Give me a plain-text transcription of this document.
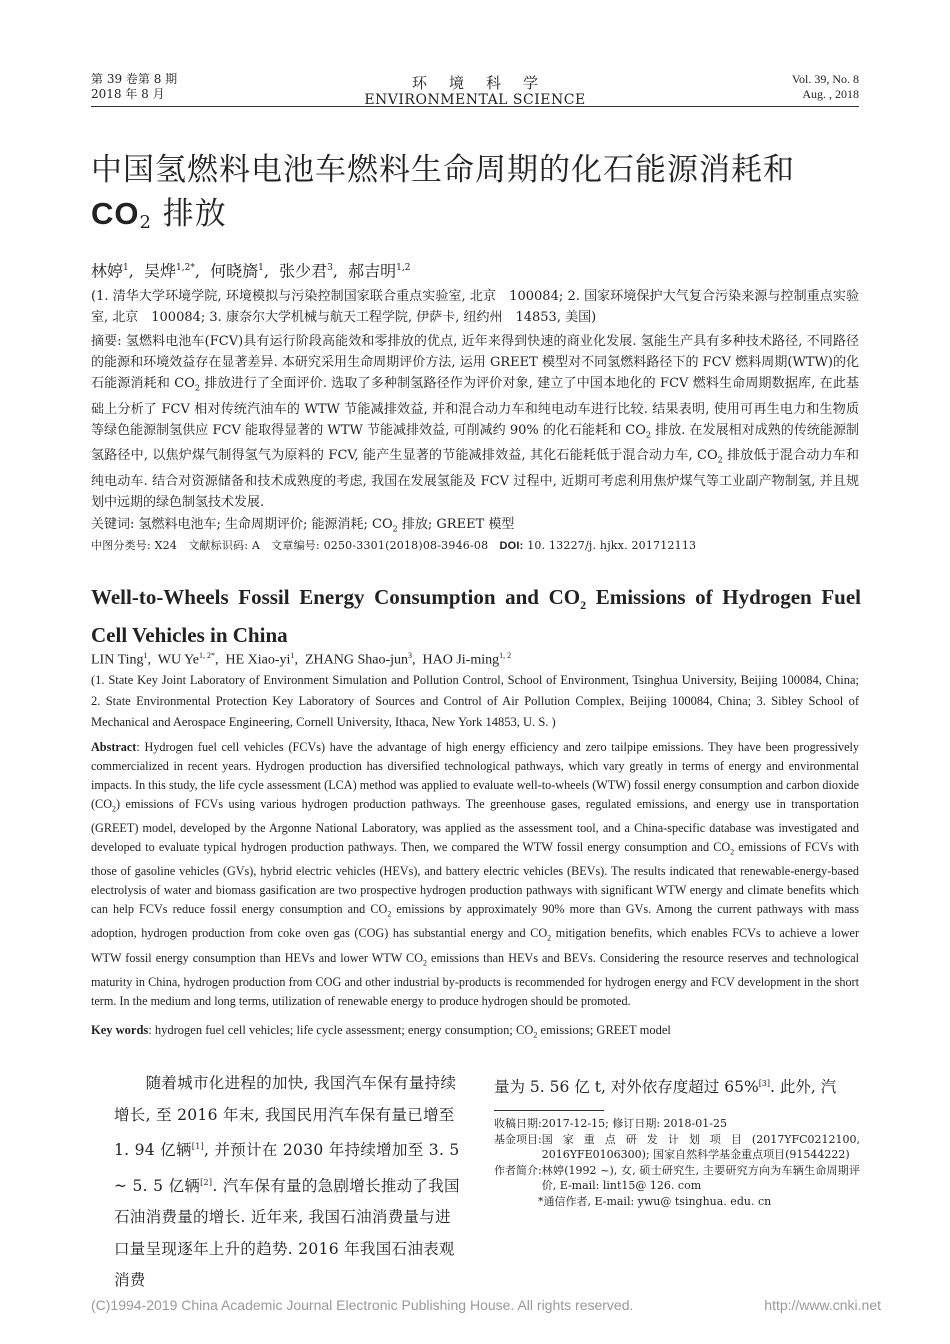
第 39 卷第 8 期
2018 年 8 月
环境科学
ENVIRONMENTAL SCIENCE
Vol. 39, No. 8
Aug. , 2018
中国氢燃料电池车燃料生命周期的化石能源消耗和
$CO_2$ 排放
林婷$^1$,  吴烨$^{1,2*}$,  何晓旖$^1$,  张少君$^3$,  郝吉明$^{1,2}$
(1. 清华大学环境学院, 环境模拟与污染控制国家联合重点实验室, 北京　100084; 2. 国家环境保护大气复合污染来源与控制重点实验室, 北京　100084; 3. 康奈尔大学机械与航天工程学院, 伊萨卡, 纽约州　14853, 美国)
摘要: 氢燃料电池车(FCV)具有运行阶段高能效和零排放的优点, 近年来得到快速的商业化发展. 氢能生产具有多种技术路径, 不同路径的能源和环境效益存在显著差异. 本研究采用生命周期评价方法, 运用 GREET 模型对不同氢燃料路径下的 FCV 燃料周期(WTW)的化石能源消耗和 $CO_2$ 排放进行了全面评价. 选取了多种制氢路径作为评价对象, 建立了中国本地化的 FCV 燃料生命周期数据库, 在此基础上分析了 FCV 相对传统汽油车的 WTW 节能减排效益, 并和混合动力车和纯电动车进行比较. 结果表明, 使用可再生电力和生物质等绿色能源制氢供应 FCV 能取得显著的 WTW 节能减排效益, 可削减约 90% 的化石能耗和 $CO_2$ 排放. 在发展相对成熟的传统能源制氢路径中, 以焦炉煤气制得氢气为原料的 FCV, 能产生显著的节能减排效益, 其化石能耗低于混合动力车, $CO_2$ 排放低于混合动力车和纯电动车. 结合对资源储备和技术成熟度的考虑, 我国在发展氢能及 FCV 过程中, 近期可考虑利用焦炉煤气等工业副产物制氢, 并且规划中远期的绿色制氢技术发展.
关键词: 氢燃料电池车; 生命周期评价; 能源消耗; $CO_2$ 排放; GREET 模型
中图分类号: X24　文献标识码: A　文章编号: 0250-3301(2018)08-3946-08　DOI: 10. 13227/j. hjkx. 201712113
Well-to-Wheels Fossil Energy Consumption and $CO_2$ Emissions of Hydrogen Fuel Cell Vehicles in China
LIN Ting$^1$,  WU $Ye^{1, 2*}$,  HE Xiao-$yi^1$,  ZHANG Shao-jun$^3$,  HAO Ji-ming$^{1, 2}$
(1. State Key Joint Laboratory of Environment Simulation and Pollution Control, School of Environment, Tsinghua University, Beijing 100084, China; 2. State Environmental Protection Key Laboratory of Sources and Control of Air Pollution Complex, Beijing 100084, China; 3. Sibley School of Mechanical and Aerospace Engineering, Cornell University, Ithaca, New York 14853, U. S. )
Abstract: Hydrogen fuel cell vehicles (FCVs) have the advantage of high energy efficiency and zero tailpipe emissions. They have been progressively commercialized in recent years. Hydrogen production has diversified technological pathways, which vary greatly in terms of energy and environmental impacts. In this study, the life cycle assessment (LCA) method was applied to evaluate well-to-wheels (WTW) fossil energy consumption and carbon dioxide $(CO_2)$ emissions of FCVs using various hydrogen production pathways. The greenhouse gases, regulated emissions, and energy use in transportation (GREET) model, developed by the Argonne National Laboratory, was applied as the assessment tool, and a China-specific database was investigated and developed to evaluate typical hydrogen production pathways. Then, we compared the WTW fossil energy consumption and $CO_2$ emissions of FCVs with those of gasoline vehicles (GVs), hybrid electric vehicles (HEVs), and battery electric vehicles (BEVs). The results indicated that renewable-energy-based electrolysis of water and biomass gasification are two prospective hydrogen production pathways with significant WTW energy and climate benefits which can help FCVs reduce fossil energy consumption and $CO_2$ emissions by approximately 90% more than GVs. Among the current pathways with mass adoption, hydrogen production from coke oven gas (COG) has substantial energy and $CO_2$ mitigation benefits, which enables FCVs to achieve a lower WTW fossil energy consumption than HEVs and lower WTW $CO_2$ emissions than HEVs and BEVs. Considering the resource reserves and technological maturity in China, hydrogen production from COG and other industrial by-products is recommended for hydrogen energy and FCV development in the short term. In the medium and long terms, utilization of renewable energy to produce hydrogen should be promoted.
Key words: hydrogen fuel cell vehicles; life cycle assessment; energy consumption; $CO_2$ emissions; GREET model
　　随着城市化进程的加快, 我国汽车保有量持续增长, 至 2016 年末, 我国民用汽车保有量已增至 1. 94 亿辆[1], 并预计在 2030 年持续增加至 3. 5 ~ 5. 5 亿辆[2]. 汽车保有量的急剧增长推动了我国石油消费量的增长. 近年来, 我国石油消费量与进口量呈现逐年上升的趋势. 2016 年我国石油表观消费
量为 5. 56 亿 t, 对外依存度超过 65%[3]. 此外, 汽
收稿日期: 2017-12-15; 修订日期: 2018-01-25
基金项目: 国家重点研发计划项目(2017YFC0212100, 2016YFE0106300); 国家自然科学基金重点项目(91544222)
作者简介: 林婷(1992 ~), 女, 硕士研究生, 主要研究方向为车辆生命周期评价, E-mail: lint15@ 126. com
* 通信作者, E-mail: ywu@ tsinghua. edu. cn
(C)1994-2019 China Academic Journal Electronic Publishing House. All rights reserved.	http://www.cnki.net
